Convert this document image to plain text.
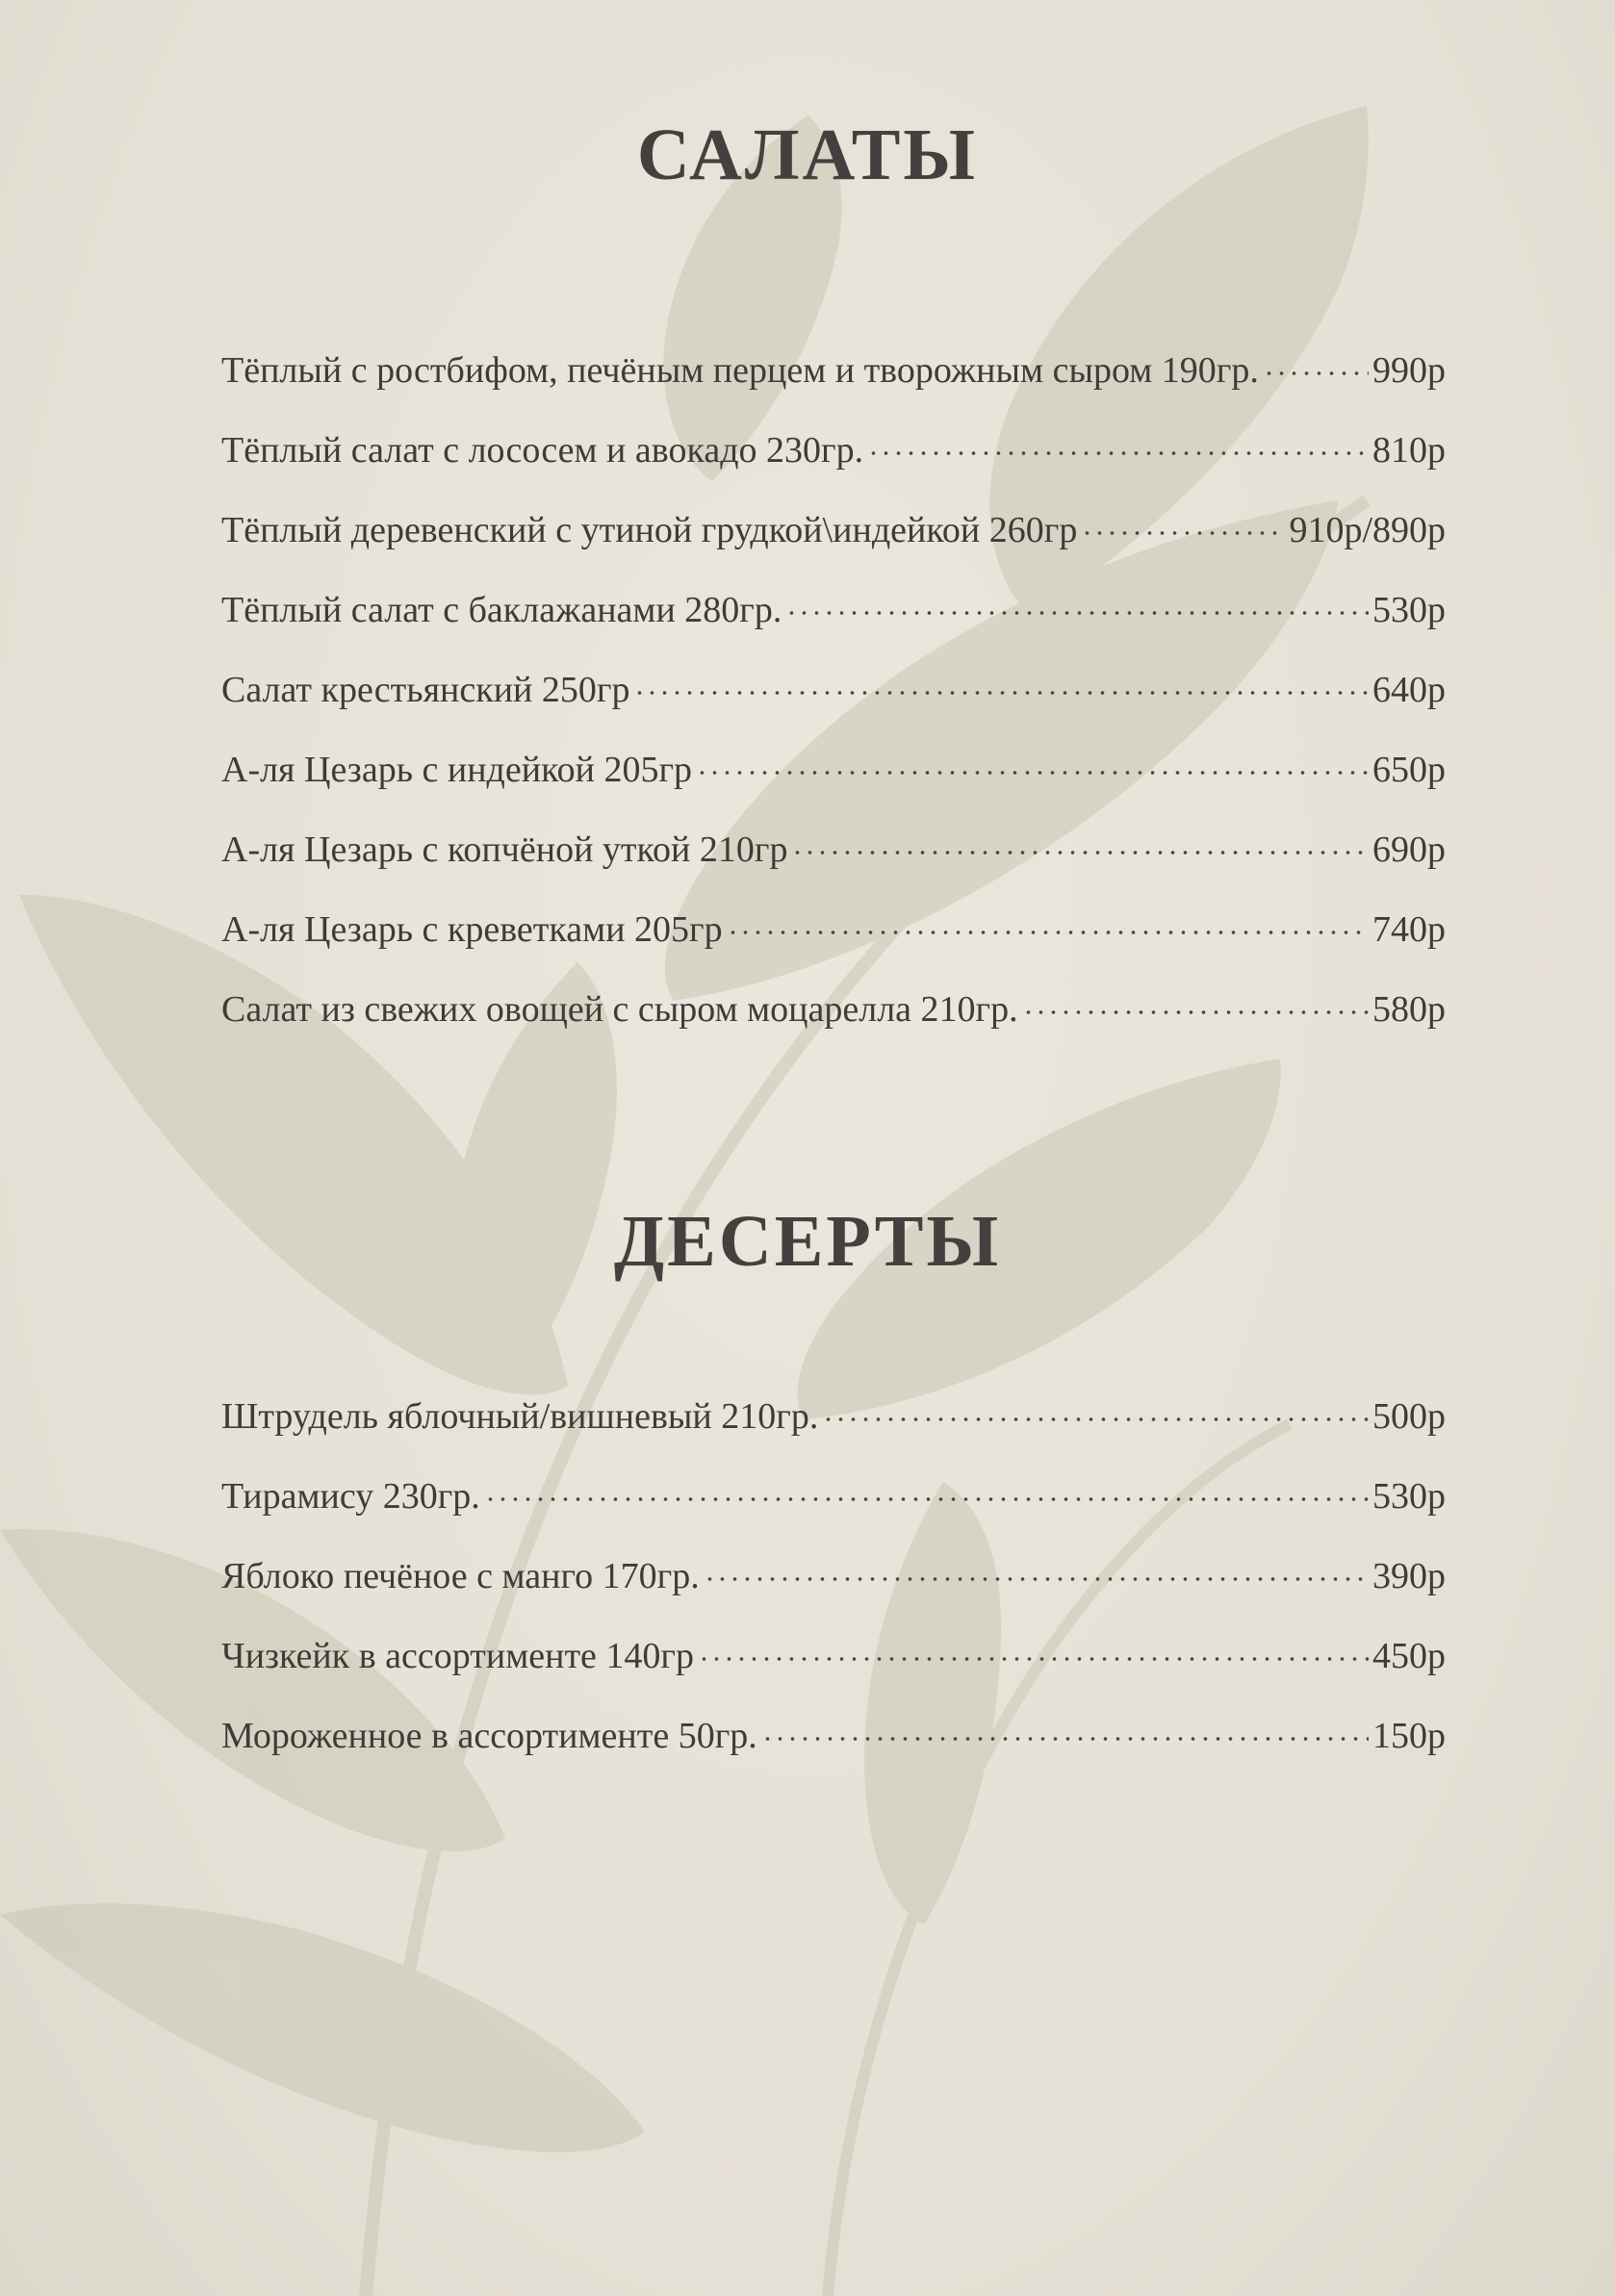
САЛАТЫ
Тёплый с ростбифом, печёным перцем и творожным сыром 190гр.	990р
Тёплый салат с лососем и авокадо 230гр.	810р
Тёплый деревенский с утиной грудкой\индейкой 260гр	910р/890р
Тёплый салат с баклажанами 280гр.	530р
Салат крестьянский 250гр	640р
А-ля Цезарь с индейкой 205гр	650р
А-ля Цезарь с копчёной уткой 210гр	690р
А-ля Цезарь с креветками 205гр	740р
Салат из свежих овощей с сыром моцарелла 210гр.	580р
ДЕСЕРТЫ
Штрудель яблочный/вишневый 210гр.	500р
Тирамису 230гр.	530р
Яблоко печёное с манго 170гр.	390р
Чизкейк в ассортименте 140гр	450р
Мороженное в ассортименте 50гр.	150р
